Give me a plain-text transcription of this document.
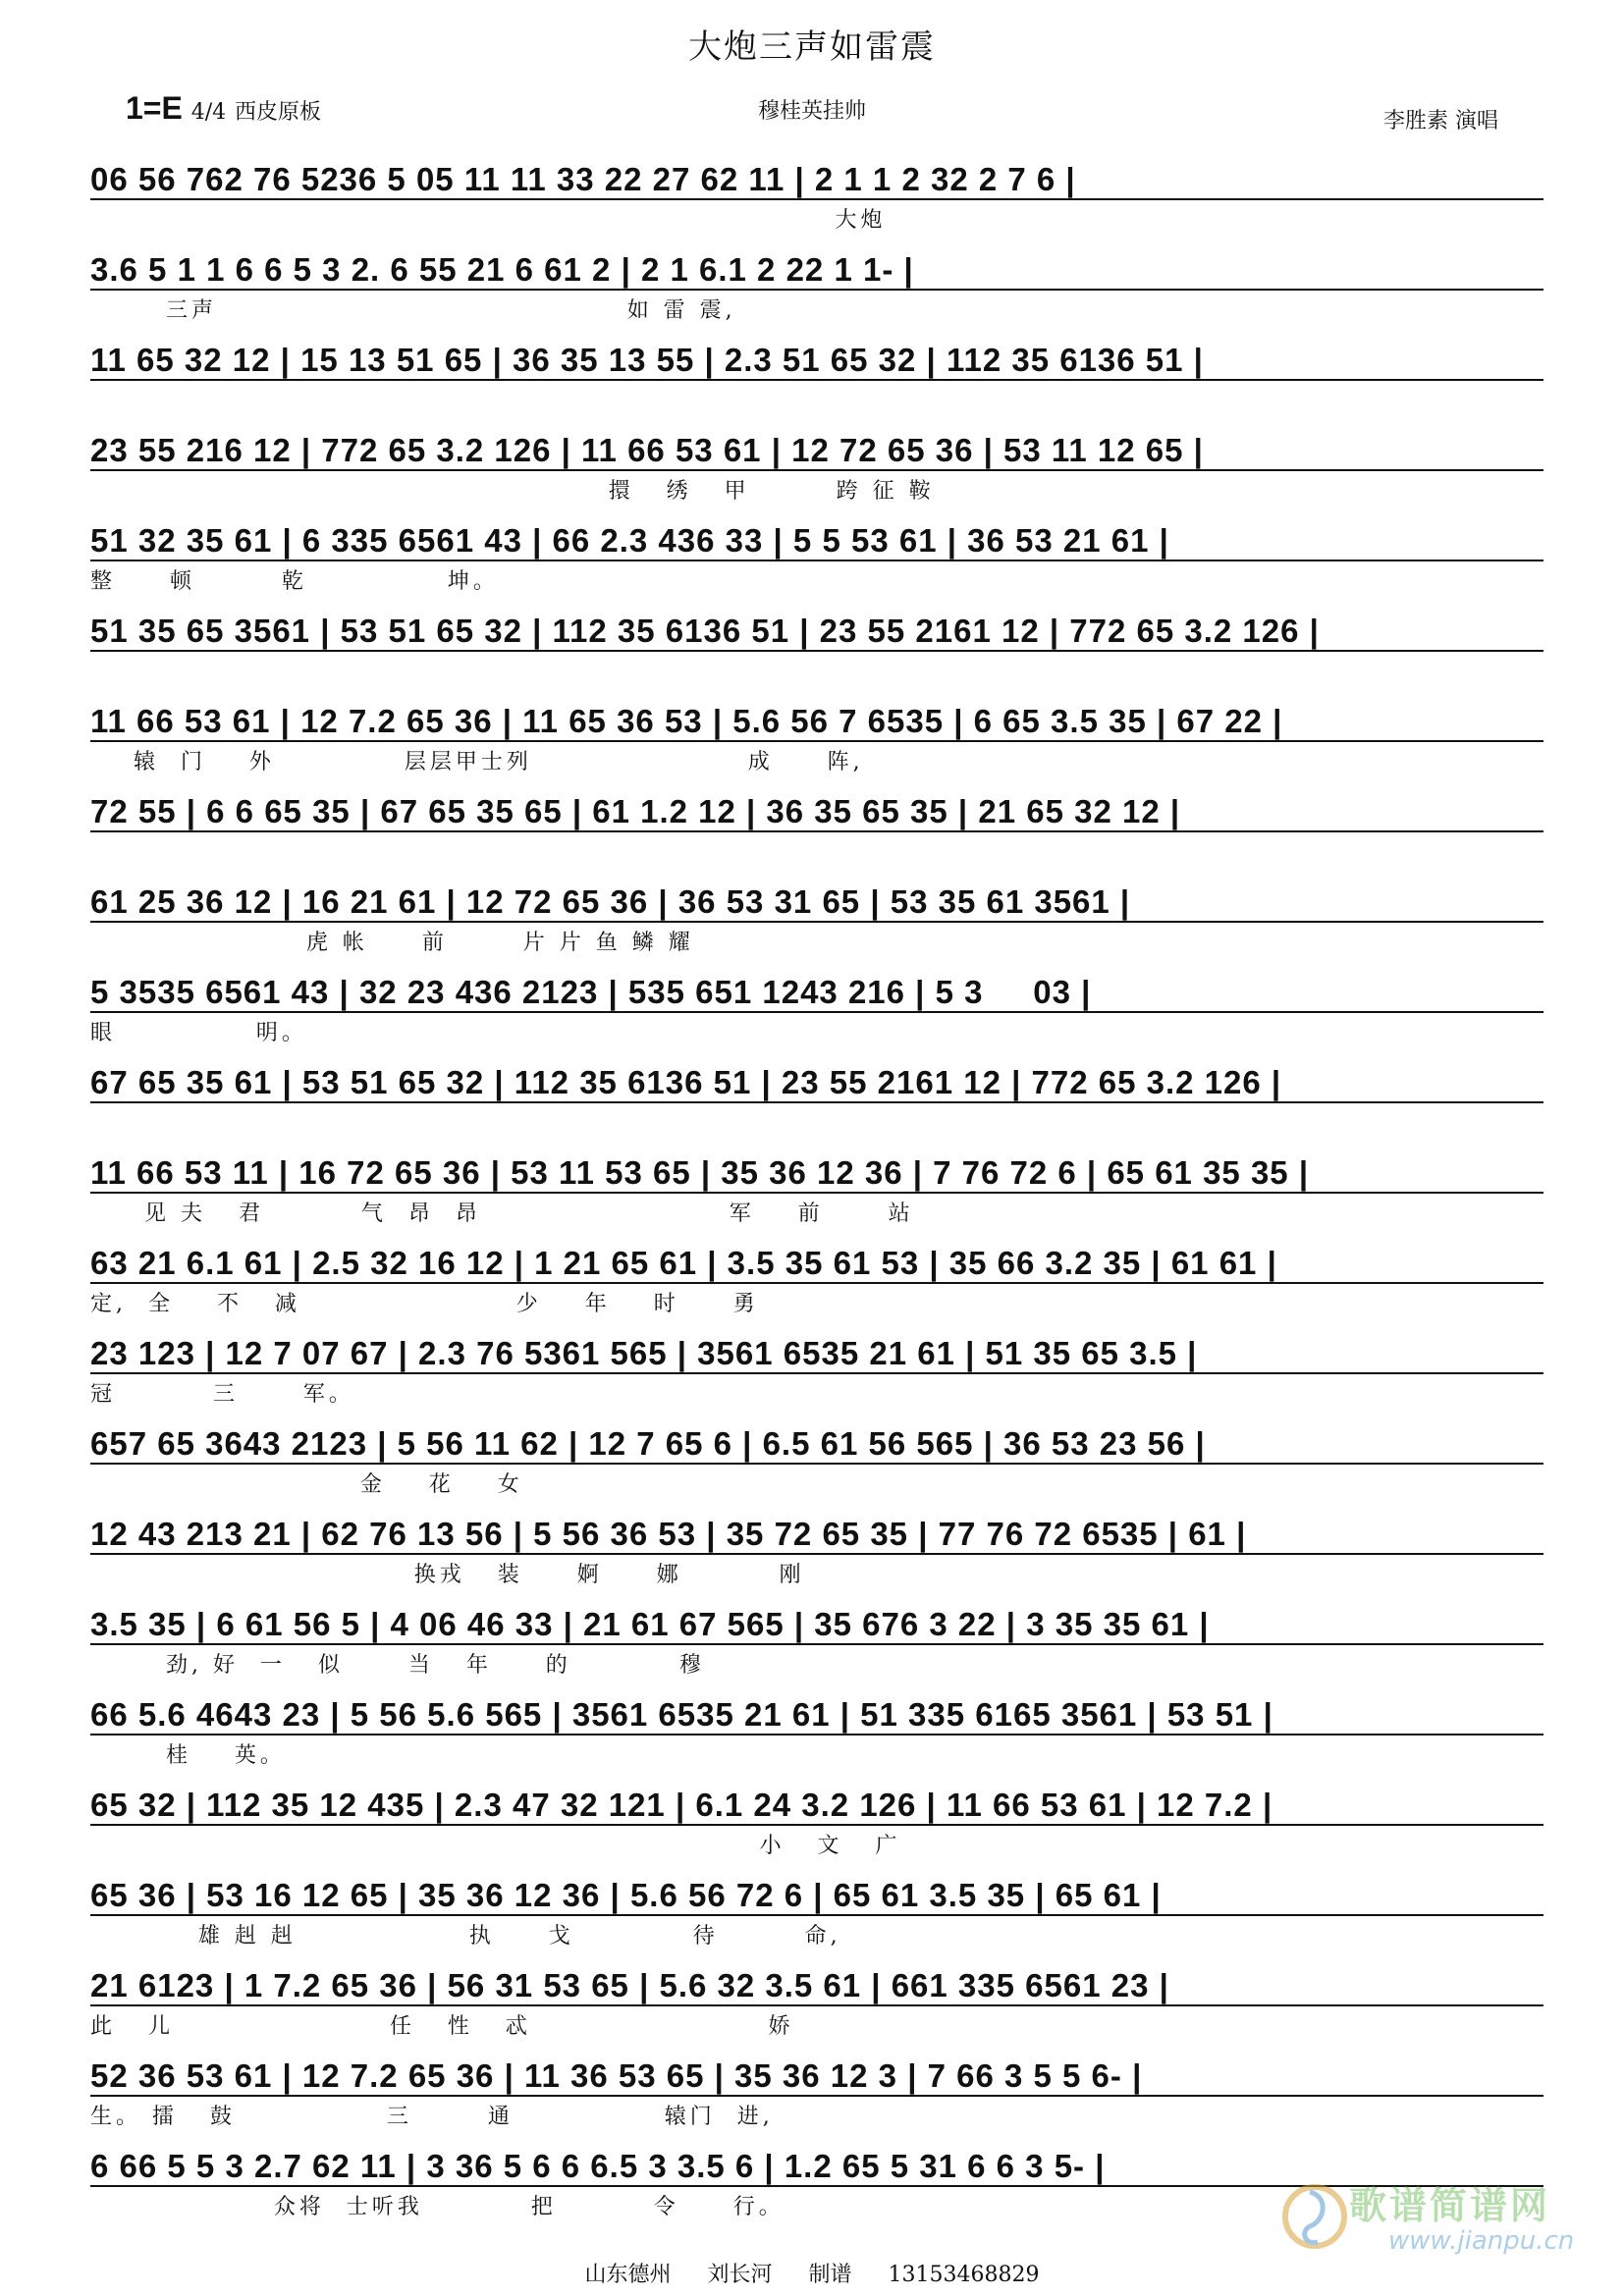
大炮三声如雷震
1=E 4/4 西皮原板	穆桂英挂帅	李胜素 演唱
06 56 762 76 5236 5 05 11 11 33 22 27 62 11 | 2 1 1 2 32 2 7 6 |
大炮
3.6 5 1 1 6 6 5 3 2. 6 55 21 6 61 2 | 2 1 6.1 2 22 1 1- |
三声                                      如 雷 震,
11 65 32 12 | 15 13 51 65 | 36 35 13 55 | 2.3 51 65 32 | 112 35 6136 51 |
23 55 216 12 | 772 65 3.2 126 | 11 66 53 61 | 12 72 65 36 | 53 11 12 65 |
擐   绣   甲        跨 征 鞍
51 32 35 61 | 6 335 6561 43 | 66 2.3 436 33 | 5 5 53 61 | 36 53 21 61 |
整     顿        乾             坤。
51 35 65 3561 | 53 51 65 32 | 112 35 6136 51 | 23 55 2161 12 | 772 65 3.2 126 |
11 66 53 61 | 12 7.2 65 36 | 11 65 36 53 | 5.6 56 7 6535 | 6 65 3.5 35 | 67 22 |
辕  门    外            层层甲士列                    成     阵,
72 55 | 6 6 65 35 | 67 65 35 65 | 61 1.2 12 | 36 35 65 35 | 21 65 32 12 |
61 25 36 12 | 16 21 61 | 12 72 65 36 | 36 53 31 65 | 53 35 61 3561 |
虎 帐     前       片 片 鱼 鳞 耀
5 3535 6561 43 | 32 23 436 2123 | 535 651 1243 216 | 5 3     03 |
眼             明。
67 65 35 61 | 53 51 65 32 | 112 35 6136 51 | 23 55 2161 12 | 772 65 3.2 126 |
11 66 53 11 | 16 72 65 36 | 53 11 53 65 | 35 36 12 36 | 7 76 72 6 | 65 61 35 35 |
见 夫   君         气  昂  昂                       军    前      站
63 21 6.1 61 | 2.5 32 16 12 | 1 21 65 61 | 3.5 35 61 53 | 35 66 3.2 35 | 61 61 |
定,  全    不   减                    少    年    时     勇
23 123 | 12 7 07 67 | 2.3 76 5361 565 | 3561 6535 21 61 | 51 35 65 3.5 |
冠         三      军。
657 65 3643 2123 | 5 56 11 62 | 12 7 65 6 | 6.5 61 56 565 | 36 53 23 56 |
金    花    女
12 43 213 21 | 62 76 13 56 | 5 56 36 53 | 35 72 65 35 | 77 76 72 6535 | 61 |
换戎   装     婀     娜         刚
3.5 35 | 6 61 56 5 | 4 06 46 33 | 21 61 67 565 | 35 676 3 22 | 3 35 35 61 |
劲, 好  一   似      当   年     的          穆
66 5.6 4643 23 | 5 56 5.6 565 | 3561 6535 21 61 | 51 335 6165 3561 | 53 51 |
桂    英。
65 32 | 112 35 12 435 | 2.3 47 32 121 | 6.1 24 3.2 126 | 11 66 53 61 | 12 7.2 |
小   文   广
65 36 | 53 16 12 65 | 35 36 12 36 | 5.6 56 72 6 | 65 61 3.5 35 | 65 61 |
雄 赳 赳                执     戈           待        命,
21 6123 | 1 7.2 65 36 | 56 31 53 65 | 5.6 32 3.5 61 | 661 335 6561 23 |
此   儿                    任   性   忒                      娇
52 36 53 61 | 12 7.2 65 36 | 11 36 53 65 | 35 36 12 3 | 7 66 3 5 5 6- |
生。 擂   鼓              三       通              辕门  进,
6 66 5 5 3 2.7 62 11 | 3 36 5 6 6 6.5 3 3.5 6 | 1.2 65 5 31 6 6 3 5- |
众将  士听我          把         令     行。
山东德州 刘长河 制谱 13153468829
歌谱简谱网
www.jianpu.cn
